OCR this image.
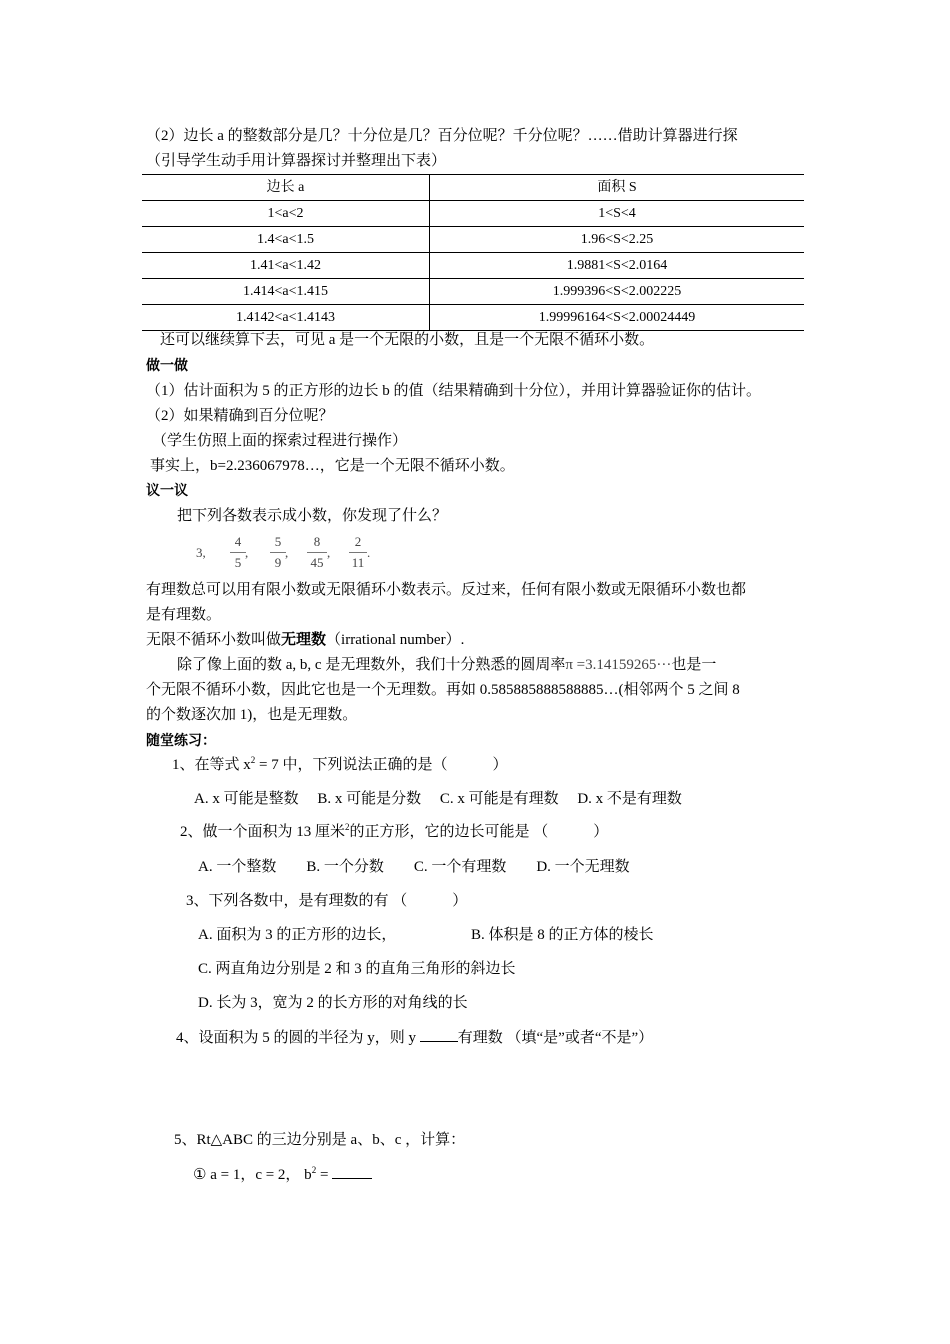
（2）边长 a 的整数部分是几？十分位是几？百分位呢？千分位呢？……借助计算器进行探
（引导学生动手用计算器探讨并整理出下表）
边长 a	面积 S
1<a<2	1<S<4
1.4<a<1.5	1.96<S<2.25
1.41<a<1.42	1.9881<S<2.0164
1.414<a<1.415	1.999396<S<2.002225
1.4142<a<1.4143	1.99996164<S<2.00024449
还可以继续算下去，可见 a 是一个无限的小数，且是一个无限不循环小数。
做一做
（1）估计面积为 5 的正方形的边长 b 的值（结果精确到十分位），并用计算器验证你的估计。
（2）如果精确到百分位呢？
（学生仿照上面的探索过程进行操作）
事实上，b=2.236067978…，它是一个无限不循环小数。
议一议
把下列各数表示成小数，你发现了什么？
3,
4
5
,
5
9
,
8
45
,
2
11
.
有理数总可以用有限小数或无限循环小数表示。反过来，任何有限小数或无限循环小数也都
是有理数。
无限不循环小数叫做无理数（irrational number）.
除了像上面的数 a, b, c 是无理数外，我们十分熟悉的圆周率π =3.14159265···也是一
个无限不循环小数，因此它也是一个无理数。再如 0.585885888588885…(相邻两个 5 之间 8
的个数逐次加 1)，也是无理数。
随堂练习：
1、在等式 $x^2 = 7$ 中，下列说法正确的是（　　　）
A. x 可能是整数　 B. x 可能是分数　 C. x 可能是有理数　 D. x 不是有理数
2、做一个面积为 13 厘米$^2$的正方形，它的边长可能是 （　　　）
A. 一个整数　　B. 一个分数　　C. 一个有理数　　D. 一个无理数
3、下列各数中，是有理数的有 （　　　）
A. 面积为 3 的正方形的边长，	B. 体积是 8 的正方体的棱长
C. 两直角边分别是 2 和 3 的直角三角形的斜边长
D. 长为 3，宽为 2 的长方形的对角线的长
4、设面积为 5 的圆的半径为 y，则 y	有理数 （填“是”或者“不是”）
5、Rt△ABC 的三边分别是 a、b、c ，计算：
① a = 1，c = 2， $b^2$ =
